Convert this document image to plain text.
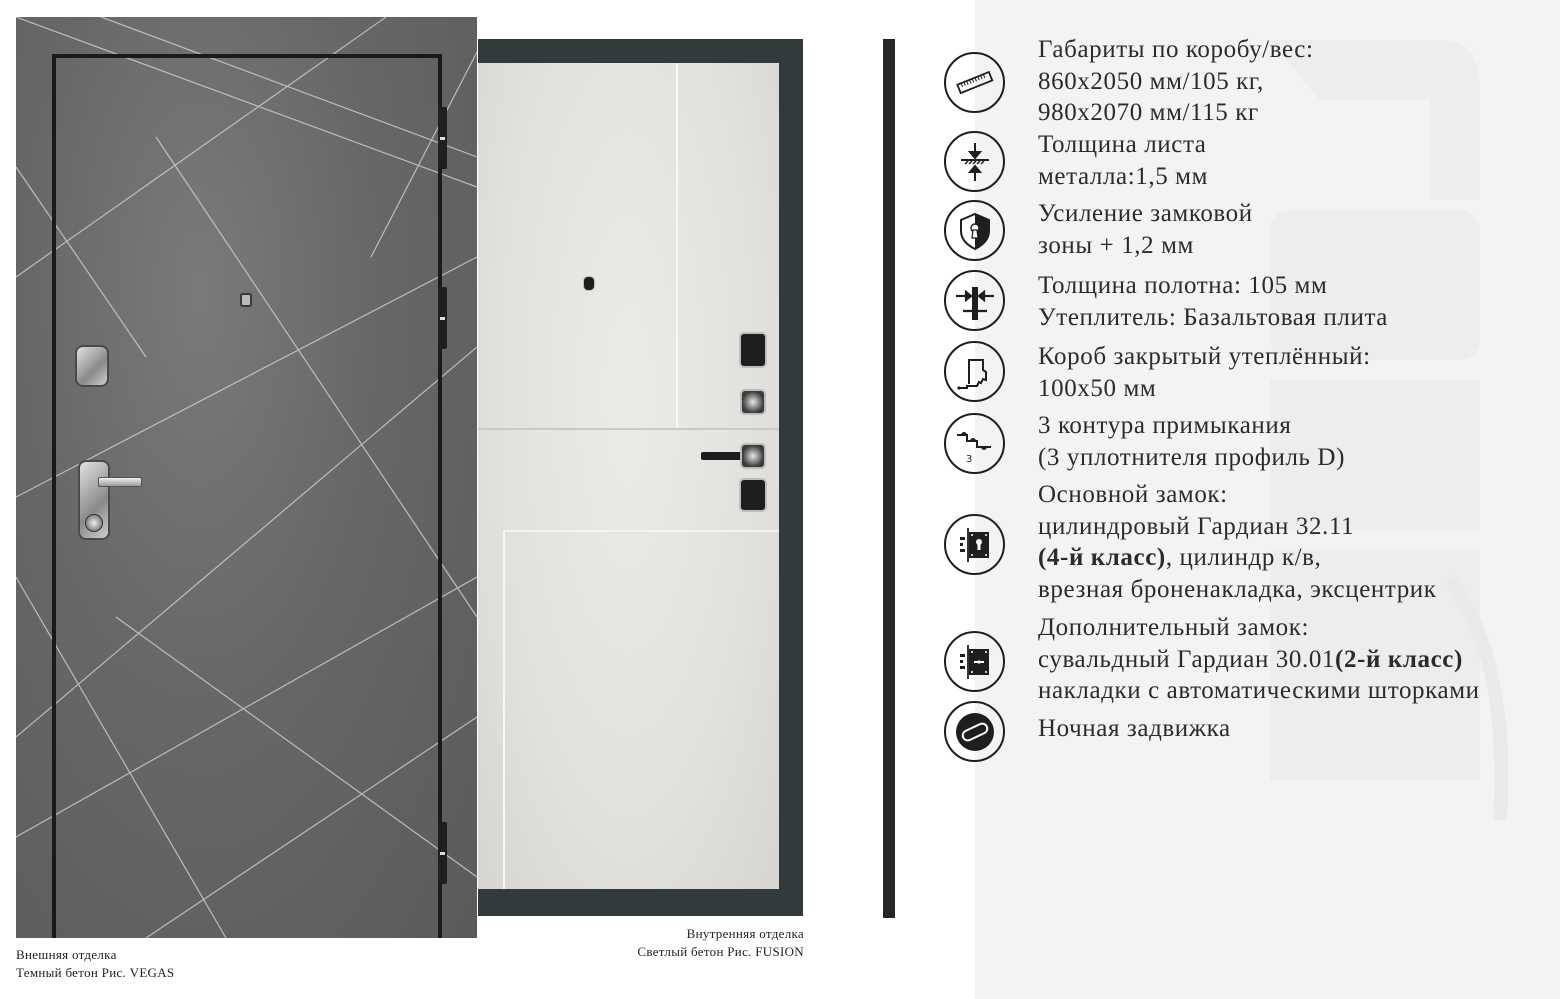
Внешняя отделка
Темный бетон Рис. VEGAS
Внутренняя отделка
Светлый бетон Рис. FUSION
Габариты по коробу/вес:
860х2050 мм/105 кг,
980х2070 мм/115 кг
Толщина листа
металла:1,5 мм
Усиление замковой
зоны + 1,2 мм
Толщина полотна: 105 мм
Утеплитель: Базальтовая плита
Короб закрытый утеплённый:
100х50 мм
3
3 контура примыкания
(3 уплотнителя профиль D)
Основной замок:
цилиндровый Гардиан 32.11
(4-й класс), цилиндр к/в,
врезная броненакладка, эксцентрик
Дополнительный замок:
сувальдный Гардиан 30.01(2-й класс)
накладки с автоматическими шторками
Ночная задвижка
